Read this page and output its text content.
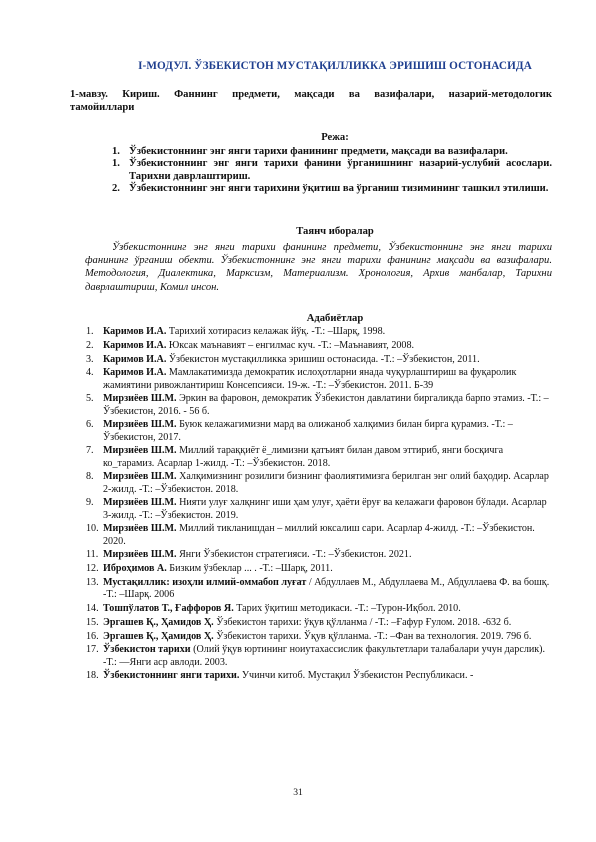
I-МОДУЛ. ЎЗБЕКИСТОН МУСТАҚИЛЛИККА ЭРИШИШ ОСТОНАСИДА
1-мавзу. Кириш. Фаннинг предмети, мақсади ва вазифалари, назарий-методологик тамойиллари
Режа:
1. Ўзбекистоннинг энг янги тарихи фанининг предмети, мақсади ва вазифалари.
1. Ўзбекистоннинг энг янги тарихи фанини ўрганишнинг назарий-услубий асослари. Тарихни даврлаштириш.
2. Ўзбекистоннинг энг янги тарихини ўқитиш ва ўрганиш тизимининг ташкил этилиши.
Таянч иборалар
Ўзбекистоннинг энг янги тарихи фанининг предмети, Ўзбекистоннинг энг янги тарихи фанининг ўрганиш обекти. Ўзбекистоннинг энг янги тарихи фанининг мақсади ва вазифалари. Методология, Диалектика, Марксизм, Материализм. Хронология, Архив манбалар, Тарихни даврлаштириш, Комил инсон.
Адабиётлар
1. Каримов И.А. Тарихий хотирасиз келажак йўқ. -Т.: –Шарқ, 1998.
2. Каримов И.А. Юксак маънавият – енгилмас куч. -Т.: –Маънавият, 2008.
3. Каримов И.А. Ўзбекистон мустақилликка эришиш остонасида. -Т.: –Ўзбекистон, 2011.
4. Каримов И.А. Мамлакатимизда демократик ислоҳотларни янада чуқурлаштириш ва фуқаролик жамиятини ривожлантириш Консепсияси. 19-ж. -Т.: –Ўзбекистон. 2011. Б-39
5. Мирзиёев Ш.М. Эркин ва фаровон, демократик Ўзбекистон давлатини биргаликда барпо этамиз. -Т.: –Ўзбекистон, 2016. - 56 б.
6. Мирзиёев Ш.М. Буюк келажагимизни мард ва олижаноб халқимиз билан бирга қурамиз. -Т.: –Ўзбекистон, 2017.
7. Мирзиёев Ш.М. Миллий тараққиёт ё_лимизни қатъият билан давом эттириб, янги босқичга ко_тарамиз. Асарлар 1-жилд. -Т.: –Ўзбекистон. 2018.
8. Мирзиёев Ш.М. Халқимизнинг розилиги бизнинг фаолиятимизга берилган энг олий баҳодир. Асарлар 2-жилд. -Т.: –Ўзбекистон. 2018.
9. Мирзиёев Ш.М. Нияти улуғ халқнинг иши ҳам улуғ, ҳаёти ёруғ ва келажаги фаровон бўлади. Асарлар 3-жилд. -Т.: –Ўзбекистон. 2019.
10. Мирзиёев Ш.М. Миллий тикланишдан – миллий юксалиш сари. Асарлар 4-жилд. -Т.: –Ўзбекистон. 2020.
11. Мирзиёев Ш.М. Янги Ўзбекистон стратегияси. -Т.: –Ўзбекистон. 2021.
12. Иброҳимов А. Бизким ўзбеклар ... . -Т.: –Шарқ, 2011.
13. Мустақиллик: изоҳли илмий-оммабоп луғат / Абдуллаев М., Абдуллаева М., Абдуллаева Ф. ва бошқ. -Т.: –Шарқ. 2006
14. Тошпўлатов Т., Ғаффоров Я. Тарих ўқитиш методикаси. -Т.: –Турон-Иқбол. 2010.
15. Эргашев Қ., Ҳамидов Ҳ. Ўзбекистон тарихи: ўқув қўлланма / -Т.: –Ғафур Ғулом. 2018. -632 б.
16. Эргашев Қ., Ҳамидов Ҳ. Ўзбекистон тарихи. Ўқув қўлланма. -Т.: –Фан ва технология. 2019. 796 б.
17. Ўзбекистон тарихи (Олий ўқув юртининг ноиутахассислик факультетлари талабалари учун дарслик). -Т.: —Янги аср авлоди. 2003.
18. Ўзбекистоннинг янги тарихи. Учинчи китоб. Мустақил Ўзбекистон Республикаси. -
31
